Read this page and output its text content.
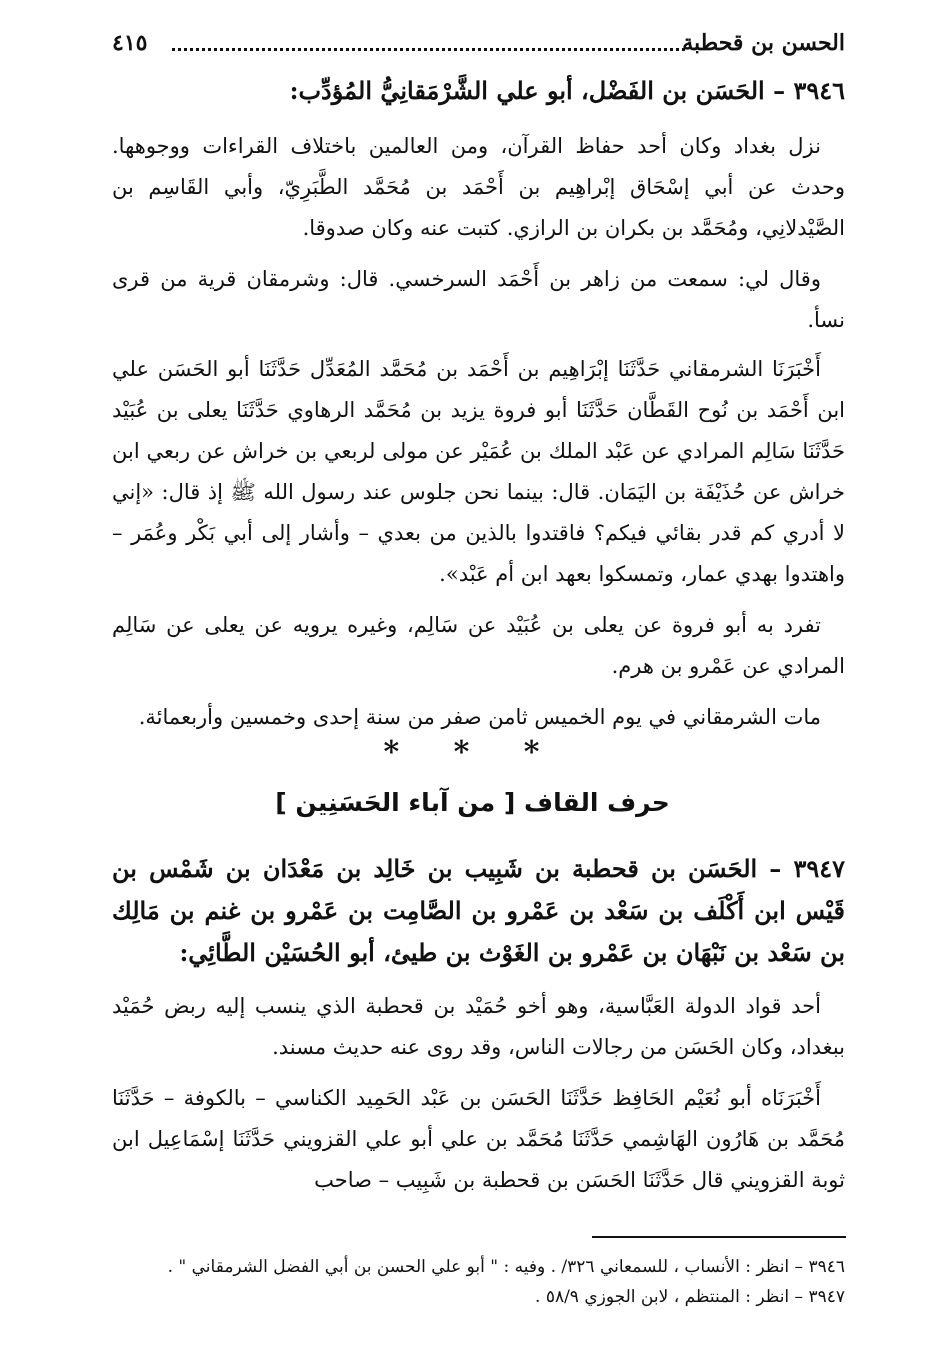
الحسن بن قحطبة
٤١٥
٣٩٤٦ – الحَسَن بن الفَضْل، أبو علي الشَّرْمَقانِيُّ المُؤدِّب:

نزل بغداد وكان أحد حفاظ القرآن، ومن العالمين باختلاف القراءات ووجوهها. وحدث عن أبي إسْحَاق إبْراهِيم بن أَحْمَد بن مُحَمَّد الطَّبَرِيّ، وأبي القَاسِم بن الصَّيْدلانِي، ومُحَمَّد بن بكران بن الرازي. كتبت عنه وكان صدوقا.

وقال لي: سمعت من زاهر بن أَحْمَد السرخسي. قال: وشرمقان قرية من قرى نسأ.

أَخْبَرَنَا الشرمقاني حَدَّثَنَا إبْرَاهِيم بن أَحْمَد بن مُحَمَّد المُعَدِّل حَدَّثَنَا أبو الحَسَن علي ابن أَحْمَد بن نُوح القَطَّان حَدَّثَنَا أبو فروة يزيد بن مُحَمَّد الرهاوي حَدَّثَنَا يعلى بن عُبَيْد حَدَّثَنَا سَالِم المرادي عن عَبْد الملك بن عُمَيْر عن مولى لربعي بن خراش عن ربعي ابن خراش عن حُذَيْفَة بن اليَمَان. قال: بينما نحن جلوس عند رسول الله ﷺ إذ قال: «إني لا أدري كم قدر بقائي فيكم؟ فاقتدوا بالذين من بعدي – وأشار إلى أبي بَكْر وعُمَر – واهتدوا بهدي عمار، وتمسكوا بعهد ابن أم عَبْد».

تفرد به أبو فروة عن يعلى بن عُبَيْد عن سَالِم، وغيره يرويه عن يعلى عن سَالِم المرادي عن عَمْرو بن هرم.

مات الشرمقاني في يوم الخميس ثامن صفر من سنة إحدى وخمسين وأربعمائة.

* * *
حرف القاف [ من آباء الحَسَنِين ]
٣٩٤٧ – الحَسَن بن قحطبة بن شَبِيب بن خَالِد بن مَعْدَان بن شَمْس بن قَيْس ابن أَكْلَف بن سَعْد بن عَمْرو بن الصَّامِت بن عَمْرو بن غنم بن مَالِك بن سَعْد بن نَبْهَان بن عَمْرو بن الغَوْث بن طيئ، أبو الحُسَيْن الطَّائِي:

أحد قواد الدولة العَبَّاسية، وهو أخو حُمَيْد بن قحطبة الذي ينسب إليه ربض حُمَيْد ببغداد، وكان الحَسَن من رجالات الناس، وقد روى عنه حديث مسند.

أَخْبَرَنَاه أبو نُعَيْم الحَافِظ حَدَّثَنَا الحَسَن بن عَبْد الحَمِيد الكناسي – بالكوفة – حَدَّثَنَا مُحَمَّد بن هَارُون الهَاشِمي حَدَّثَنَا مُحَمَّد بن علي أبو علي القزويني حَدَّثَنَا إسْمَاعِيل ابن ثوبة القزويني قال حَدَّثَنَا الحَسَن بن قحطبة بن شَبِيب – صاحب

٣٩٤٦ – انظر : الأنساب ، للسمعاني ٣٢٦/ . وفيه : " أبو علي الحسن بن أبي الفضل الشرمقاني " .

٣٩٤٧ – انظر : المنتظم ، لابن الجوزي ٥٨/٩ .
